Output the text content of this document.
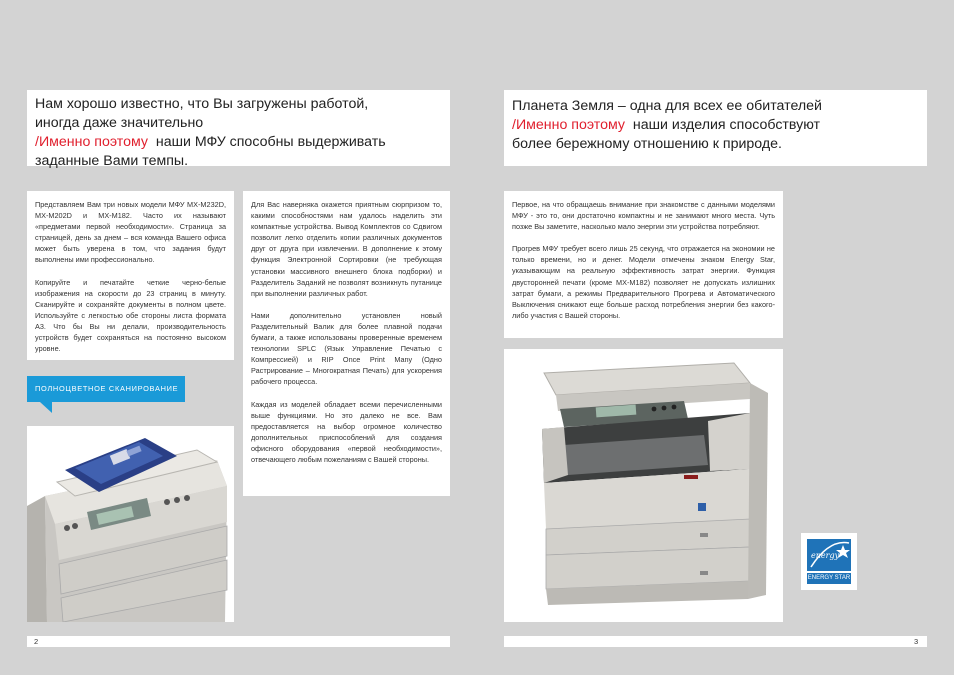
Нам хорошо известно, что Вы загружены работой,
иногда даже значительно
/Именно поэтому наши МФУ способны выдерживать
заданные Вами темпы.

Представляем Вам три новых модели МФУ MX-M232D, MX-M202D и MX-M182. Часто их называют «предметами первой необходимости». Страница за страницей, день за днем – вся команда Вашего офиса может быть уверена в том, что задания будут выполнены ими профессионально.

Копируйте и печатайте четкие черно-белые изображения на скорости до 23 страниц в минуту. Сканируйте и сохраняйте документы в полном цвете. Используйте с легкостью обе стороны листа формата А3. Что бы Вы ни делали, производительность устройств будет сохраняться на постоянно высоком уровне.

Для Вас наверняка окажется приятным сюрпризом то, какими способностями нам удалось наделить эти компактные устройства. Вывод Комплектов со Сдвигом позволит легко отделить копии различных документов друг от друга при извлечении. В дополнение к этому функция Электронной Сортировки (не требующая установки массивного внешнего блока подборки) и Разделитель Заданий не позволят возникнуть путанице при выполнении различных работ.

Нами дополнительно установлен новый Разделительный Валик для более плавной подачи бумаги, а также использованы проверенные временем технологии SPLC (Язык Управление Печатью с Компрессией) и RIP Once Print Many (Одно Растрирование – Многократная Печать) для ускорения рабочего процесса.

Каждая из моделей обладает всеми перечисленными выше функциями. Но это далеко не все. Вам предоставляется на выбор огромное количество дополнительных приспособлений для создания офисного оборудования «первой необходимости», отвечающего любым пожеланиям с Вашей стороны.

ПОЛНОЦВЕТНОЕ СКАНИРОВАНИЕ
2
Планета Земля – одна для всех ее обитателей
/Именно поэтому наши изделия способствуют
более бережному отношению к природе.

Первое, на что обращаешь внимание при знакомстве с данными моделями МФУ - это то, они достаточно компактны и не занимают много места. Чуть позже Вы заметите, насколько мало энергии эти устройства потребляют.

Прогрев МФУ требует всего лишь 25 секунд, что отражается на экономии не только времени, но и денег. Модели отмечены знаком Energy Star, указывающим на реальную эффективность затрат энергии. Функция двусторонней печати (кроме MX-M182) позволяет не допускать излишних затрат бумаги, а режимы Предварительного Прогрева и Автоматического Выключения снижают еще больше расход потребления энергии без какого-либо участия с Вашей стороны.

energy
ENERGY STAR
3
